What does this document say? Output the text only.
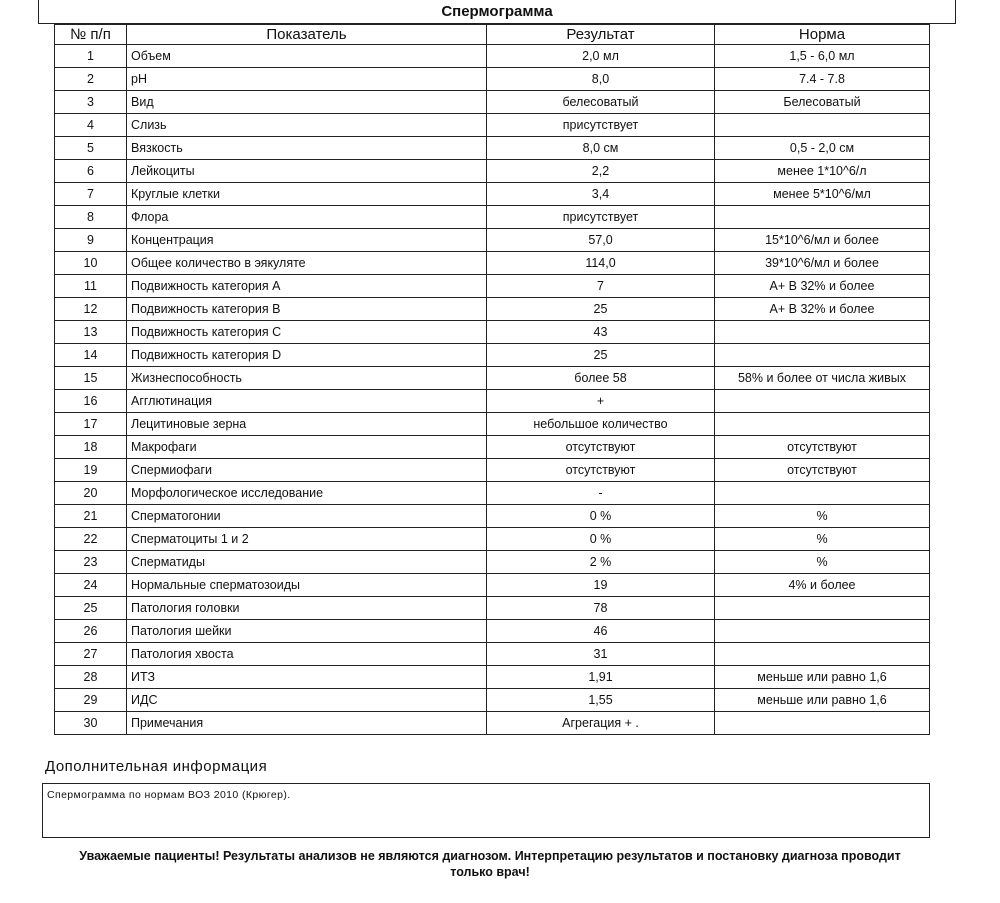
Спермограмма
№ п/п	Показатель	Результат	Норма
1	Объем	2,0 мл	1,5 - 6,0 мл
2	pH	8,0	7.4 - 7.8
3	Вид	белесоватый	Белесоватый
4	Слизь	присутствует	
5	Вязкость	8,0 см	0,5 - 2,0 см
6	Лейкоциты	2,2	менее 1*10^6/л
7	Круглые клетки	3,4	менее 5*10^6/мл
8	Флора	присутствует	
9	Концентрация	57,0	15*10^6/мл и более
10	Общее количество в эякуляте	114,0	39*10^6/мл и более
11	Подвижность категория А	7	A+ B 32% и более
12	Подвижность категория В	25	A+ B 32% и более
13	Подвижность категория С	43	
14	Подвижность категория D	25	
15	Жизнеспособность	более 58	58% и более от числа живых
16	Агглютинация	+	
17	Лецитиновые зерна	небольшое количество	
18	Макрофаги	отсутствуют	отсутствуют
19	Спермиофаги	отсутствуют	отсутствуют
20	Морфологическое исследование	-	
21	Сперматогонии	0 %	%
22	Сперматоциты 1 и 2	0 %	%
23	Сперматиды	2 %	%
24	Нормальные сперматозоиды	19	4% и более
25	Патология головки	78	
26	Патология шейки	46	
27	Патология хвоста	31	
28	ИТЗ	1,91	меньше или равно 1,6
29	ИДС	1,55	меньше или равно 1,6
30	Примечания	Агрегация + .	
Дополнительная информация
Спермограмма по нормам ВОЗ 2010 (Крюгер).
Уважаемые пациенты! Результаты анализов не являются диагнозом. Интерпретацию результатов и постановку диагноза проводит
только врач!
